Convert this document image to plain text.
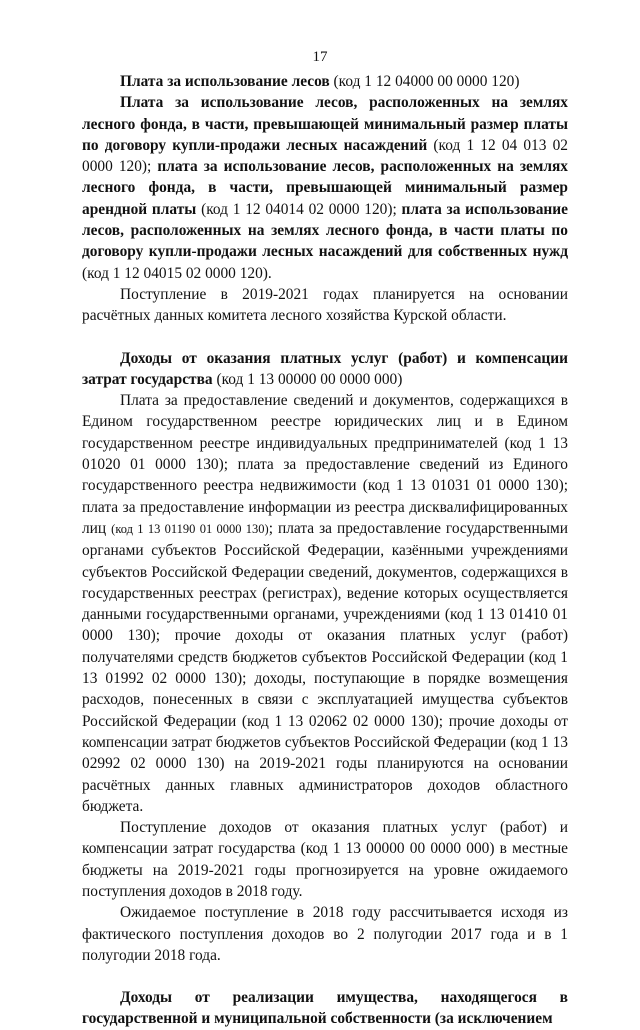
17

Плата за использование лесов (код 1 12 04000 00 0000 120)

Плата за использование лесов, расположенных на землях лесного фонда, в части, превышающей минимальный размер платы по договору купли-продажи лесных насаждений (код 1 12 04 013 02 0000 120); плата за использование лесов, расположенных на землях лесного фонда, в части, превышающей минимальный размер арендной платы (код 1 12 04014 02 0000 120); плата за использование лесов, расположенных на землях лесного фонда, в части платы по договору купли-продажи лесных насаждений для собственных нужд (код 1 12 04015 02 0000 120).

Поступление в 2019-2021 годах планируется на основании расчётных данных комитета лесного хозяйства Курской области.

Доходы от оказания платных услуг (работ) и компенсации затрат государства (код 1 13 00000 00 0000 000)

Плата за предоставление сведений и документов, содержащихся в Едином государственном реестре юридических лиц и в Едином государственном реестре индивидуальных предпринимателей (код 1 13 01020 01 0000 130); плата за предоставление сведений из Единого государственного реестра недвижимости (код 1 13 01031 01 0000 130); плата за предоставление информации из реестра дисквалифицированных лиц (код 1 13 01190 01 0000 130); плата за предоставление государственными органами субъектов Российской Федерации, казёнными учреждениями субъектов Российской Федерации сведений, документов, содержащихся в государственных реестрах (регистрах), ведение которых осуществляется данными государственными органами, учреждениями (код 1 13 01410 01 0000 130); прочие доходы от оказания платных услуг (работ) получателями средств бюджетов субъектов Российской Федерации (код 1 13 01992 02 0000 130); доходы, поступающие в порядке возмещения расходов, понесенных в связи с эксплуатацией имущества субъектов Российской Федерации (код 1 13 02062 02 0000 130); прочие доходы от компенсации затрат бюджетов субъектов Российской Федерации (код 1 13 02992 02 0000 130) на 2019-2021 годы планируются на основании расчётных данных главных администраторов доходов областного бюджета.

Поступление доходов от оказания платных услуг (работ) и компенсации затрат государства (код 1 13 00000 00 0000 000) в местные бюджеты на 2019-2021 годы прогнозируется на уровне ожидаемого поступления доходов в 2018 году.

Ожидаемое поступление в 2018 году рассчитывается исходя из фактического поступления доходов во 2 полугодии 2017 года и в 1 полугодии 2018 года.

Доходы от реализации имущества, находящегося в государственной и муниципальной собственности (за исключением
